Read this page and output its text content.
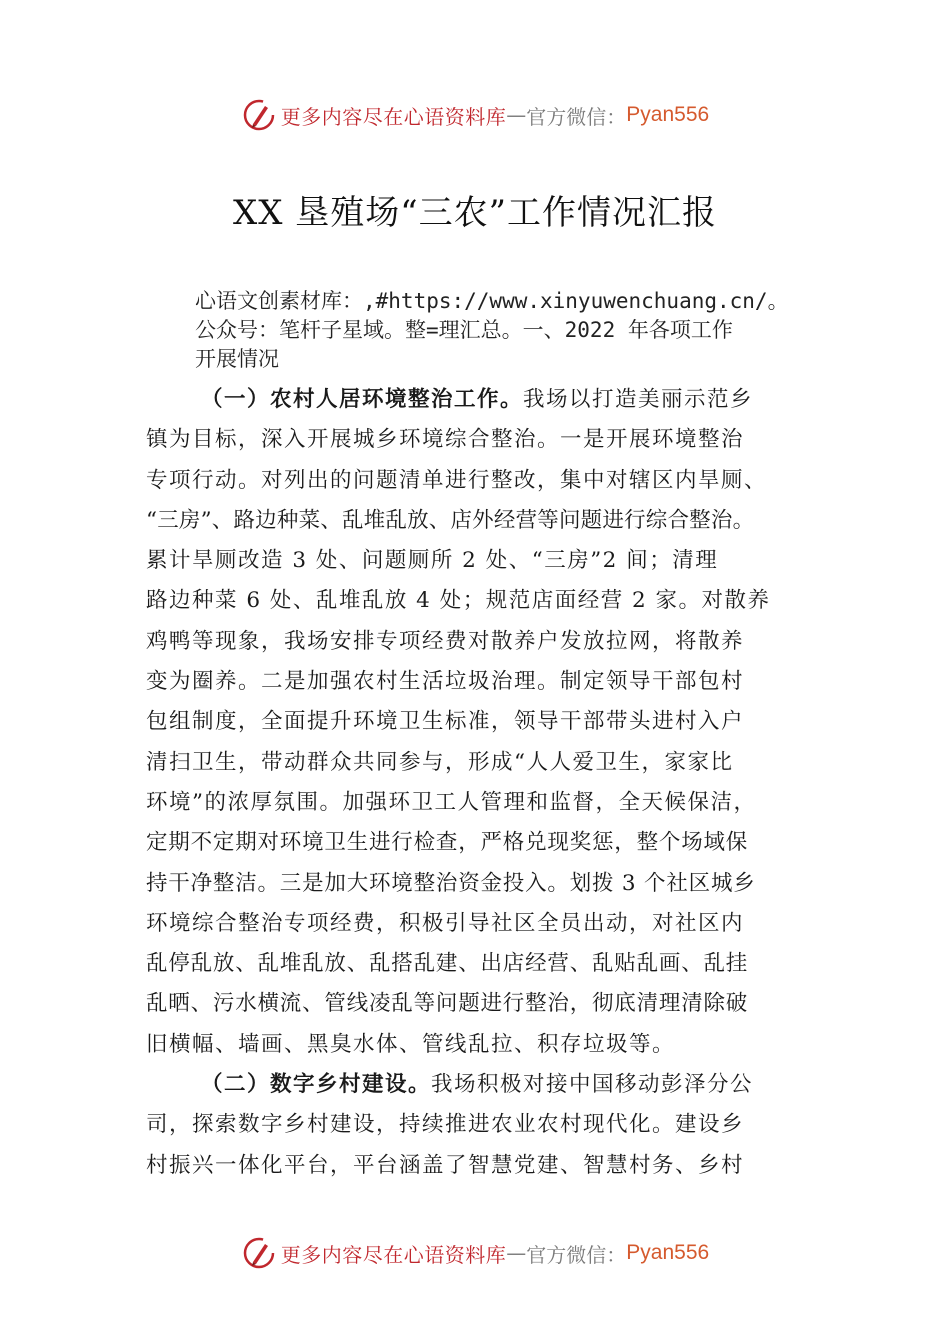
更多内容尽在心语资料库 — 官方微信： Pyan556
XX 垦殖场“三农”工作情况汇报
心语文创素材库：,#https://www.xinyuwenchuang.cn/。
公众号：笔杆子星域。整=理汇总。一、2022 年各项工作
开展情况
（一）农村人居环境整治工作。我场以打造美丽示范乡
镇为目标，深入开展城乡环境综合整治。一是开展环境整治
专项行动。对列出的问题清单进行整改，集中对辖区内旱厕、
“三房”、路边种菜、乱堆乱放、店外经营等问题进行综合整治。
累计旱厕改造 3 处、问题厕所 2 处、“三房”2 间；清理
路边种菜 6 处、乱堆乱放 4 处；规范店面经营 2 家。对散养
鸡鸭等现象，我场安排专项经费对散养户发放拉网，将散养
变为圈养。二是加强农村生活垃圾治理。制定领导干部包村
包组制度，全面提升环境卫生标准，领导干部带头进村入户
清扫卫生，带动群众共同参与，形成“人人爱卫生，家家比
环境”的浓厚氛围。加强环卫工人管理和监督，全天候保洁，
定期不定期对环境卫生进行检查，严格兑现奖惩，整个场域保
持干净整洁。三是加大环境整治资金投入。划拨 3 个社区城乡
环境综合整治专项经费，积极引导社区全员出动，对社区内
乱停乱放、乱堆乱放、乱搭乱建、出店经营、乱贴乱画、乱挂
乱晒、污水横流、管线凌乱等问题进行整治，彻底清理清除破
旧横幅、墙画、黑臭水体、管线乱拉、积存垃圾等。
（二）数字乡村建设。我场积极对接中国移动彭泽分公
司，探索数字乡村建设，持续推进农业农村现代化。建设乡
村振兴一体化平台，平台涵盖了智慧党建、智慧村务、乡村
更多内容尽在心语资料库 — 官方微信： Pyan556
